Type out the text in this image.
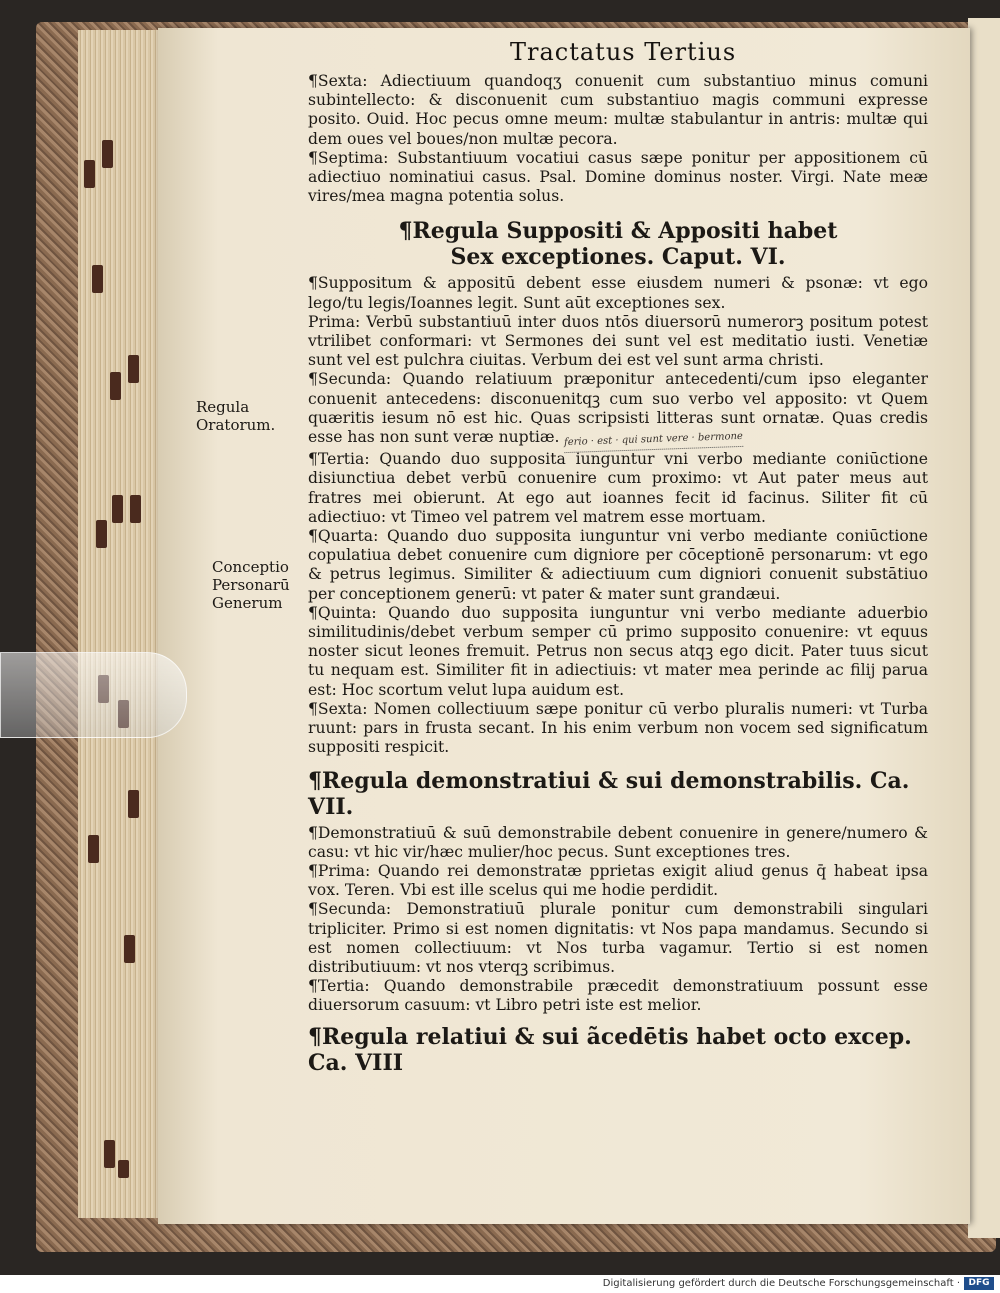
Tractatus Tertius
Regula Oratorum.
Conceptio Personarū Generum

¶Sexta: Adiectiuum quandoqʒ conuenit cum substantiuo minus comuni subintellecto: & disconuenit cum substantiuo magis communi expresse posito. Ouid. Hoc pecus omne meum: multæ stabulantur in antris: multæ qui dem oues vel boues/non multæ pecora.

¶Septima: Substantiuum vocatiui casus sæpe ponitur per appositionem cū adiectiuo nominatiui casus. Psal. Domine dominus noster. Virgi. Nate meæ vires/mea magna potentia solus.

¶Regula Suppositi & Appositi habet
Sex exceptiones. Caput. VI.

¶Suppositum & appositū debent esse eiusdem numeri & psonæ: vt ego lego/tu legis/Ioannes legit. Sunt aūt exceptiones sex.

Prima: Verbū substantiuū inter duos ntōs diuersorū numerorꝫ positum potest vtrilibet conformari: vt Sermones dei sunt vel est meditatio iusti. Venetiæ sunt vel est pulchra ciuitas. Verbum dei est vel sunt arma christi.

¶Secunda: Quando relatiuum præponitur antecedenti/cum ipso eleganter conuenit antecedens: disconuenitqꝫ cum suo verbo vel apposito: vt Quem quæritis iesum nō est hic. Quas scripsisti litteras sunt ornatæ. Quas credis esse has non sunt veræ nuptiæ. ferio · est · qui sunt vere · bermone

¶Tertia: Quando duo supposita iunguntur vni verbo mediante coniūctione disiunctiua debet verbū conuenire cum proximo: vt Aut pater meus aut fratres mei obierunt. At ego aut ioannes fecit id facinus. Siliter fit cū adiectiuo: vt Timeo vel patrem vel matrem esse mortuam.

¶Quarta: Quando duo supposita iunguntur vni verbo mediante coniūctione copulatiua debet conuenire cum digniore per cōceptionē personarum: vt ego & petrus legimus. Similiter & adiectiuum cum digniori conuenit substātiuo per conceptionem generū: vt pater & mater sunt grandæui.

¶Quinta: Quando duo supposita iunguntur vni verbo mediante aduerbio similitudinis/debet verbum semper cū primo supposito conuenire: vt equus noster sicut leones fremuit. Petrus non secus atqꝫ ego dicit. Pater tuus sicut tu nequam est. Similiter fit in adiectiuis: vt mater mea perinde ac filij parua est: Hoc scortum velut lupa auidum est.

¶Sexta: Nomen collectiuum sæpe ponitur cū verbo pluralis numeri: vt Turba ruunt: pars in frusta secant. In his enim verbum non vocem sed significatum suppositi respicit.

¶Regula demonstratiui & sui demonstrabilis. Ca. VII.

¶Demonstratiuū & suū demonstrabile debent conuenire in genere/numero & casu: vt hic vir/hæc mulier/hoc pecus. Sunt exceptiones tres.

¶Prima: Quando rei demonstratæ pprietas exigit aliud genus q̄ habeat ipsa vox. Teren. Vbi est ille scelus qui me hodie perdidit.

¶Secunda: Demonstratiuū plurale ponitur cum demonstrabili singulari tripliciter. Primo si est nomen dignitatis: vt Nos papa mandamus. Secundo si est nomen collectiuum: vt Nos turba vagamur. Tertio si est nomen distributiuum: vt nos vterqꝫ scribimus.

¶Tertia: Quando demonstrabile præcedit demonstratiuum possunt esse diuersorum casuum: vt Libro petri iste est melior.

¶Regula relatiui & sui ãcedētis habet octo excep. Ca. VIII
Digitalisierung gefördert durch die Deutsche Forschungsgemeinschaft · DFG
